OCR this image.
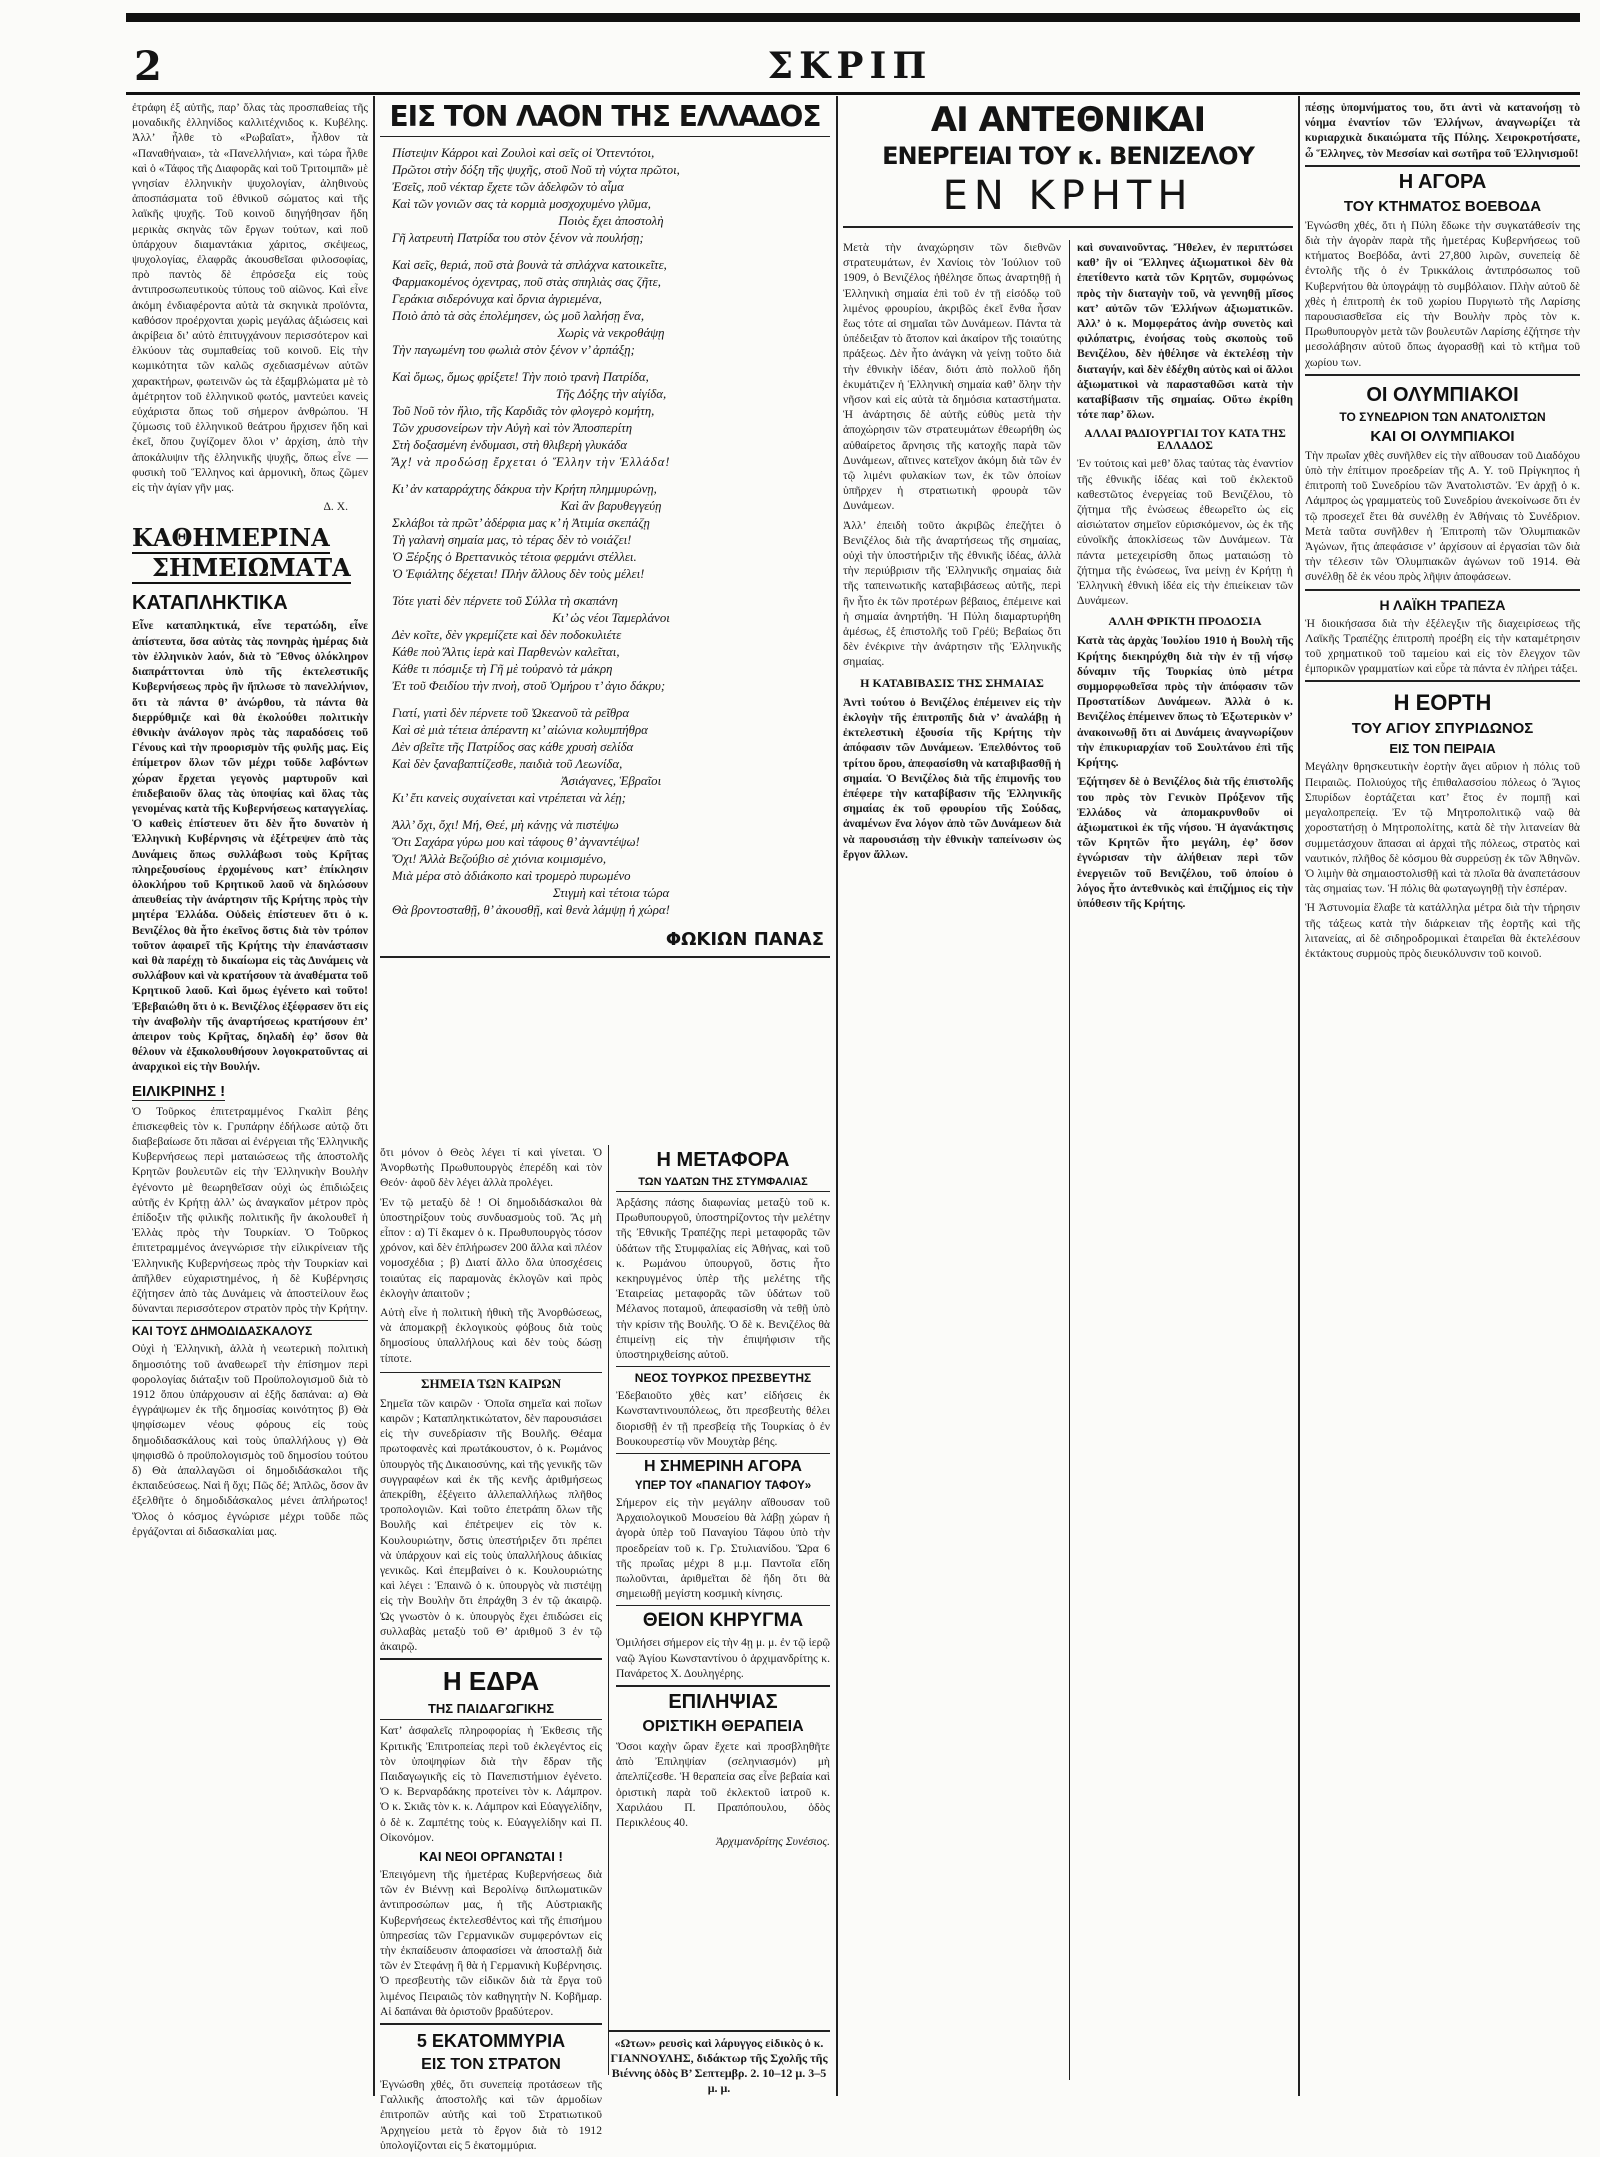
2	ΣΚΡΙΠ

ἐτράφη ἐξ αὐτῆς, παρ’ ὅλας τὰς προσπαθείας τῆς μοναδικῆς ἑλληνίδος καλλιτέχνιδος κ. Κυβέλης. Ἀλλ’ ἦλθε τὸ «Ρωβαΐατ», ἦλθον τὰ «Παναθήναια», τὰ «Πανελλήνια», καὶ τώρα ἦλθε καὶ ὁ «Τάφος τῆς Διαφορᾶς καὶ τοῦ Τριτοιμπᾶ» μὲ γνησίαν ἑλληνικὴν ψυχολογίαν, ἀληθινοὺς ἀποσπάσματα τοῦ ἐθνικοῦ σώματος καὶ τῆς λαϊκῆς ψυχῆς. Τοῦ κοινοῦ διηγήθησαν ἤδη μερικὰς σκηνὰς τῶν ἔργων τούτων, καὶ ποῦ ὑπάρχουν διαμαντάκια χάριτος, σκέψεως, ψυχολογίας, ἐλαφρᾶς ἀκουσθεῖσαι φιλοσοφίας, πρὸ παντὸς δὲ ἐπρόσεξα εἰς τοὺς ἀντιπροσωπευτικοὺς τύπους τοῦ αἰῶνος. Καὶ εἶνε ἀκόμη ἐνδιαφέροντα αὐτὰ τὰ σκηνικὰ προϊόντα, καθόσον προέρχονται χωρὶς μεγάλας ἀξιώσεις καὶ ἀκρίβεια δι’ αὐτὸ ἐπιτυγχάνουν περισσότερον καὶ ἑλκύουν τὰς συμπαθείας τοῦ κοινοῦ. Εἰς τὴν κωμικότητα τῶν καλῶς σχεδιασμένων αὐτῶν χαρακτήρων, φωτεινῶν ὡς τὰ ἐξαμβλώματα μὲ τὸ ἀμέτρητον τοῦ ἑλληνικοῦ φωτός, μαντεύει κανεὶς εὐχάριστα ὅπως τοῦ σήμερον ἀνθρώπου. Ἡ ζύμωσις τοῦ ἑλληνικοῦ θεάτρου ἤρχισεν ἤδη καὶ ἐκεῖ, ὅπου ζυγίζομεν ὅλοι ν’ ἀρχίση, ἀπὸ τὴν ἀποκάλυψιν τῆς ἑλληνικῆς ψυχῆς, ὅπως εἶνε — φυσικὴ τοῦ Ἕλληνος καὶ ἀρμονικὴ, ὅπως ζῶμεν εἰς τὴν ἁγίαν γῆν μας.

Δ. Χ.

ΚΑΘΗΜΕΡΙΝΑ ΣΗΜΕΙΩΜΑΤΑ
ΚΑΤΑΠΛΗΚΤΙΚΑ

Εἶνε καταπληκτικά, εἶνε τερατώδη, εἶνε ἀπίστευτα, ὅσα αὐτὰς τὰς πονηρὰς ἡμέρας διὰ τὸν ἑλληνικὸν λαόν, διὰ τὸ Ἔθνος ὁλόκληρον διαπράττονται ὑπὸ τῆς ἐκτελεστικῆς Κυβερνήσεως πρὸς ἢν ἥπλωσε τὸ πανελλήνιον, ὅτι τὰ πάντα θ’ ἀνώρθου, τὰ πάντα θὰ διερρύθμιζε καὶ θὰ ἐκολούθει πολιτικὴν ἐθνικὴν ἀνάλογον πρὸς τὰς παραδόσεις τοῦ Γένους καὶ τὴν προορισμὸν τῆς φυλῆς μας. Εἰς ἐπίμετρον ὅλων τῶν μέχρι τοῦδε λαβόντων χώραν ἔρχεται γεγονὸς μαρτυροῦν καὶ ἐπιδεβαιοῦν ὅλας τὰς ὑποψίας καὶ ὅλας τὰς γενομένας κατὰ τῆς Κυβερνήσεως καταγγελίας. Ὁ καθεὶς ἐπίστευεν ὅτι δὲν ἦτο δυνατὸν ἡ Ἑλληνικὴ Κυβέρνησις νὰ ἐξέτρεψεν ἀπὸ τὰς Δυνάμεις ὅπως συλλάβωσι τοὺς Κρῆτας πληρεξουσίους ἐρχομένους κατ’ ἐπίκλησιν ὁλοκλήρου τοῦ Κρητικοῦ λαοῦ νὰ δηλώσουν ἀπευθείας τὴν ἀνάρτησιν τῆς Κρήτης πρὸς τὴν μητέρα Ἑλλάδα. Οὐδεὶς ἐπίστευεν ὅτι ὁ κ. Βενιζέλος θὰ ἦτο ἐκεῖνος ὅστις διὰ τὸν τρόπον τοῦτον ἀφαιρεῖ τῆς Κρήτης τὴν ἐπανάστασιν καὶ θὰ παρέχῃ τὸ δικαίωμα εἰς τὰς Δυνάμεις νὰ συλλάβουν καὶ νὰ κρατήσουν τὰ ἀναθέματα τοῦ Κρητικοῦ λαοῦ. Καὶ ὅμως ἐγένετο καὶ τοῦτο! Ἐβεβαιώθη ὅτι ὁ κ. Βενιζέλος ἐξέφρασεν ὅτι εἰς τὴν ἀναβολὴν τῆς ἀναρτήσεως κρατήσουν ἐπ’ ἀπειρον τοὺς Κρῆτας, δηλαδὴ ἐφ’ ὅσον θὰ θέλουν νὰ ἐξακολουθήσουν λογοκρατοῦντας αἱ ἀναρχικοὶ εἰς τὴν Βουλήν.

ΕΙΛΙΚΡΙΝΗΣ !

Ὁ Τοῦρκος ἐπιτετραμμένος Γκαλὶπ βέης ἐπισκεφθεὶς τὸν κ. Γρυπάρην ἐδήλωσε αὐτῷ ὅτι διαβεβαίωσε ὅτι πᾶσαι αἱ ἐνέργειαι τῆς Ἑλληνικῆς Κυβερνήσεως περὶ ματαιώσεως τῆς ἀποστολῆς Κρητῶν βουλευτῶν εἰς τὴν Ἑλληνικὴν Βουλὴν ἐγένοντο μὲ θεωρηθεῖσαν οὐχὶ ὡς ἐπιδιώξεις αὐτῆς ἐν Κρήτῃ ἀλλ’ ὡς ἀναγκαῖον μέτρον πρὸς ἐπίδοξιν τῆς φιλικῆς πολιτικῆς ἢν ἀκολουθεῖ ἡ Ἑλλὰς πρὸς τὴν Τουρκίαν. Ὁ Τοῦρκος ἐπιτετραμμένος ἀνεγνώρισε τὴν εἰλικρίνειαν τῆς Ἑλληνικῆς Κυβερνήσεως πρὸς τὴν Τουρκίαν καὶ ἀπῆλθεν εὐχαριστημένος, ἡ δὲ Κυβέρνησις ἐζήτησεν ἀπὸ τὰς Δυνάμεις νὰ ἀποστείλουν ἕως δύνανται περισσότερον στρατὸν πρὸς τὴν Κρήτην.

ΚΑΙ ΤΟΥΣ ΔΗΜΟΔΙΔΑΣΚΑΛΟΥΣ

Οὐχὶ ἡ Ἑλληνικὴ, ἀλλὰ ἡ νεωτερικὴ πολιτικὴ δημοσιότης τοῦ ἀναθεωρεῖ τὴν ἐπίσημον περὶ φορολογίας διάταξιν τοῦ Προϋπολογισμοῦ διὰ τὸ 1912 ὅπου ὑπάρχουσιν αἱ ἑξῆς δαπάναι: α) Θὰ ἐγγράψωμεν ἐκ τῆς δημοσίας κοινότητος β) Θὰ ψηφίσωμεν νέους φόρους εἰς τοὺς δημοδιδασκάλους καὶ τοὺς ὑπαλλήλους γ) Θὰ ψηφισθῶ ὁ προϋπολογισμὸς τοῦ δημοσίου τούτου δ) Θὰ ἀπαλλαγῶσι οἱ δημοδιδάσκαλοι τῆς ἐκπαιδεύσεως. Ναὶ ἢ ὄχι; Πῶς δέ; Ἀπλῶς, ὅσον ἂν ἐξελθῆτε ὁ δημοδιδάσκαλος μένει ἀπλήρωτος! Ὅλος ὁ κόσμος ἐγνώρισε μέχρι τοῦδε πῶς ἐργάζονται αἱ διδασκαλίαι μας.

ΕΙΣ ΤΟΝ ΛΑΟΝ ΤΗΣ ΕΛΛΑΔΟΣ
Πίστεψιν Κάρροι καὶ Ζουλοὶ καὶ σεῖς οἱ Ὀττεντότοι,
Πρῶτοι στὴν δόξη τῆς ψυχῆς, στοῦ Νοῦ τὴ νύχτα πρῶτοι,
Ἐσεῖς, ποῦ νέκταρ ἔχετε τῶν ἀδελφῶν τὸ αἷμα
Καὶ τῶν γονιῶν σας τὰ κορμιὰ μοσχοχυμένο γλῦμα,
Ποιὸς ἔχει ἀποστολὴ
Γῆ λατρευτὴ Πατρίδα του στὸν ξένον νὰ πουλήσῃ;
Καὶ σεῖς, θεριά, ποῦ στὰ βουνὰ τὰ σπλάχνα κατοικεῖτε,
Φαρμακομένος ὀχεντρας, ποῦ στὰς σπηλιὰς σας ζῆτε,
Γεράκια σιδερόνυχα καὶ ὄρνια ἀγριεμένα,
Ποιὸ ἀπὸ τὰ σὰς ἐπολέμησεν, ὡς μοῦ λαλήσῃ ἕνα,
Χωρὶς νὰ νεκροθάψῃ
Τὴν παγωμένη του φωλιὰ στὸν ξένον ν’ ἀρπάξῃ;
Καὶ ὅμως, ὅμως φρίξετε! Τὴν ποιὸ τρανὴ Πατρίδα,
Τῆς Δόξης τὴν αἰγίδα,
Τοῦ Νοῦ τὸν ἥλιο, τῆς Καρδιᾶς τὸν φλογερὸ κομήτη,
Τῶν χρυσονείρων τὴν Αὐγὴ καὶ τὸν Ἀποσπερίτη
Στὴ δοξασμένη ἐνδυμασι, στὴ θλιβερὴ γλυκάδα
Ἄχ! νὰ προδώσῃ ἔρχεται ὁ Ἕλλην τὴν Ἑλλάδα!
Κι’ ἀν καταρράχτης δάκρυα τὴν Κρήτη πλημμυρώνῃ,
Καὶ ἂν βαρυθεγγεύῃ
Σκλάβοι τὰ πρῶτ’ ἀδέρφια μας κ’ ἡ Ἀτιμία σκεπάζῃ
Τὴ γαλανὴ σημαία μας, τὸ τέρας δὲν τὸ νοιάζει!
Ὁ Ξέρξης ὁ Βρεττανικὸς τέτοια φερμάνι στέλλει.
Ὁ Ἐφιάλτης δέχεται! Πλὴν ἄλλους δὲν τοὺς μέλει!
Τότε γιατὶ δὲν πέρνετε τοῦ Σύλλα τὴ σκαπάνη
Κι’ ὡς νέοι Ταμερλάνοι
Δὲν κοῖτε, δὲν γκρεμίζετε καὶ δὲν ποδοκυλιέτε
Κάθε ποὺ Ἄλτις ἱερὰ καὶ Παρθενὼν καλεῖται,
Κάθε τι πόσμιξε τὴ Γῆ μὲ τοὐρανὸ τὰ μάκρη
Ἐτ τοῦ Φειδίου τὴν πνοὴ, στοῦ Ὁμήρου τ’ ἀγιο δάκρυ;
Γιατί, γιατὶ δὲν πέρνετε τοῦ Ὠκεανοῦ τὰ ρεῖθρα
Καὶ σὲ μιὰ τέτεια ἀπέραντη κι’ αἰώνια κολυμπήθρα
Δὲν σβεῖτε τῆς Πατρίδος σας κάθε χρυσὴ σελίδα
Καὶ δὲν ξαναβαπτίζεσθε, παιδιὰ τοῦ Λεωνίδα,
Ἀσιάγανες, Ἑβραῖοι
Κι’ ἔτι κανεὶς συχαίνεται καὶ ντρέπεται νὰ λέῃ;
Ἀλλ’ ὄχι, ὄχι! Μή, Θεέ, μὴ κάνῃς νὰ πιστέψω
Ὅτι Σαχάρα γύρω μου καὶ τάφους θ’ ἀγναντέψω!
Ὄχι! Ἀλλὰ Βεζούβιο σὲ χιόνια κοιμισμένο,
Μιὰ μέρα στὸ ἀδιάκοπο καὶ τρομερὸ πυρωμένο
Στιγμὴ καὶ τέτοια τώρα
Θὰ βροντοσταθῇ, θ’ ἀκουσθῇ, καὶ θενὰ λάμψῃ ἡ χώρα!
ΦΩΚΙΩΝ ΠΑΝΑΣ

ὅτι μόνον ὁ Θεὸς λέγει τί καὶ γίνεται. Ὁ Ἀνορθωτὴς Πρωθυπουργὸς ἐπερέδη καὶ τὸν Θεόν· ἀφοῦ δὲν λέγει ἀλλὰ προλέγει.

Ἐν τῷ μεταξὺ δὲ ! Οἱ δημοδιδάσκαλοι θὰ ὑποστηρίξουν τοὺς συνδυασμοὺς τοῦ. Ἂς μὴ εἶπον : α) Τί ἔκαμεν ὁ κ. Πρωθυπουργὸς τόσον χρόνον, καὶ δὲν ἐπλήρωσεν 200 ἄλλα καὶ πλέον νομοσχέδια ; β) Διατί ἄλλο ὅλα ὑποσχέσεις τοιαύτας εἰς παραμονὰς ἐκλογῶν καὶ πρὸς ἐκλογὴν ἀπαιτοῦν ;

Αὐτὴ εἶνε ἡ πολιτικὴ ἠθικὴ τῆς Ἀνορθώσεως, νὰ ἀπομακρῇ ἐκλογικοὺς φόβους διὰ τοὺς δημοσίους ὑπαλλήλους καὶ δὲν τοὺς δώσῃ τίποτε.

ΣΗΜΕΙΑ ΤΩΝ ΚΑΙΡΩΝ

Σημεῖα τῶν καιρῶν · Ὁποῖα σημεῖα καὶ ποῖων καιρῶν ; Καταπληκτικώτατον, δὲν παρουσιάσει εἰς τὴν συνεδρίασιν τῆς Βουλῆς. Θέαμα πρωτοφανὲς καὶ πρωτάκουστον, ὁ κ. Ρωμάνος ὑπουργὸς τῆς Δικαιοσύνης, καὶ τῆς γενικῆς τῶν συγγραφέων καὶ ἐκ τῆς κενῆς ἀριθμήσεως ἀπεκρίθη, ἐξέγειτο ἀλλεπαλλήλως πλῆθος τροπολογιῶν. Καὶ τοῦτο ἐπετράπη ὅλων τῆς Βουλῆς καὶ ἐπέτρεψεν εἰς τὸν κ. Κουλουριώτην, ὅστις ὑπεστήριξεν ὅτι πρέπει νὰ ὑπάρχουν καὶ εἰς τοὺς ὑπαλλήλους ἀδικίας γενικῶς. Καὶ ἐπεμβαίνει ὁ κ. Κουλουριώτης καὶ λέγει : Ἐπαινῶ ὁ κ. ὑπουργὸς νὰ πιστέψῃ εἰς τὴν Βουλὴν ὅτι ἐπράχθη 3 ἐν τῷ ἀκαιρῷ. Ὡς γνωστὸν ὁ κ. ὑπουργὸς ἔχει ἐπιδώσει εἰς συλλαβὰς μεταξὺ τοῦ Θ’ ἀριθμοῦ 3 ἐν τῷ ἀκαιρῷ.

Η ΕΔΡΑ
ΤΗΣ ΠΑΙΔΑΓΩΓΙΚΗΣ

Κατ’ ἀσφαλεῖς πληροφορίας ἡ Ἐκθεσις τῆς Κριτικῆς Ἐπιτροπείας περὶ τοῦ ἐκλεγέντος εἰς τὸν ὑποψηφίων διὰ τὴν ἕδραν τῆς Παιδαγωγικῆς εἰς τὸ Πανεπιστήμιον ἐγένετο. Ὁ κ. Βερναρδάκης προτείνει τὸν κ. Λάμπρον. Ὁ κ. Σκιᾶς τὸν κ. κ. Λάμπρον καὶ Εὐαγγελίδην, ὁ δὲ κ. Ζαμπέτης τοὺς κ. Εὐαγγελίδην καὶ Π. Οἰκονόμον.

ΚΑΙ ΝΕΟΙ ΟΡΓΑΝΩΤΑΙ !

Ἐπειγόμενη τῆς ἡμετέρας Κυβερνήσεως διὰ τῶν ἐν Βιέννῃ καὶ Βερολίνῳ διπλωματικῶν ἀντιπροσώπων μας, ἡ τῆς Αὐστριακῆς Κυβερνήσεως ἐκτελεσθέντος καὶ τῆς ἐπισήμου ὑπηρεσίας τῶν Γερμανικῶν συμφερόντων εἰς τὴν ἐκπαίδευσιν ἀποφασίσει νὰ ἀποσταλῇ διὰ τῶν ἐν Στεφάνῃ ἢ θὰ ἡ Γερμανικὴ Κυβέρνησις. Ὁ πρεσβευτὴς τῶν εἰδικῶν διὰ τὰ ἔργα τοῦ λιμένος Πειραιῶς τὸν καθηγητὴν Ν. Κοβῆμαρ. Αἱ δαπάναι θὰ ὁριστοῦν βραδύτερον.

5 ΕΚΑΤΟΜΜΥΡΙΑ
ΕΙΣ ΤΟΝ ΣΤΡΑΤΟΝ

Ἐγνώσθη χθές, ὅτι συνεπείᾳ προτάσεων τῆς Γαλλικῆς ἀποστολῆς καὶ τῶν ἀρμοδίων ἐπιτροπῶν αὐτῆς καὶ τοῦ Στρατιωτικοῦ Ἀρχηγείου μετὰ τὸ ἔργον διὰ τὸ 1912 ὑπολογίζονται εἰς 5 ἑκατομμύρια.

Η ΜΕΤΑΦΟΡΑ
ΤΩΝ ΥΔΑΤΩΝ ΤΗΣ ΣΤΥΜΦΑΛΙΑΣ

Ἀρξάσης πάσης διαφωνίας μεταξὺ τοῦ κ. Πρωθυπουργοῦ, ὑποστηρίζοντος τὴν μελέτην τῆς Ἐθνικῆς Τραπέζης περὶ μεταφορᾶς τῶν ὑδάτων τῆς Στυμφαλίας εἰς Ἀθήνας, καὶ τοῦ κ. Ρωμάνου ὑπουργοῦ, ὅστις ἦτο κεκηρυγμένος ὑπὲρ τῆς μελέτης τῆς Ἑταιρείας μεταφορᾶς τῶν ὑδάτων τοῦ Μέλανος ποταμοῦ, ἀπεφασίσθη νὰ τεθῇ ὑπὸ τὴν κρίσιν τῆς Βουλῆς. Ὁ δὲ κ. Βενιζέλος θὰ ἐπιμείνῃ εἰς τὴν ἐπιψήφισιν τῆς ὑποστηριχθείσης αὐτοῦ.

ΝΕΟΣ ΤΟΥΡΚΟΣ ΠΡΕΣΒΕΥΤΗΣ

Ἐδεβαιοῦτο χθὲς κατ’ εἰδήσεις ἐκ Κωνσταντινουπόλεως, ὅτι πρεσβευτὴς θέλει διορισθῇ ἐν τῇ πρεσβείᾳ τῆς Τουρκίας ὁ ἐν Βουκουρεστίῳ νῦν Μουχτὰρ βέης.

Η ΣΗΜΕΡΙΝΗ ΑΓΟΡΑ
ΥΠΕΡ ΤΟΥ «ΠΑΝΑΓΙΟΥ ΤΑΦΟΥ»

Σήμερον εἰς τὴν μεγάλην αἴθουσαν τοῦ Ἀρχαιολογικοῦ Μουσείου θὰ λάβῃ χώραν ἡ ἀγορὰ ὑπὲρ τοῦ Παναγίου Τάφου ὑπὸ τὴν προεδρείαν τοῦ κ. Γρ. Στυλιανίδου. Ὥρα 6 τῆς πρωΐας μέχρι 8 μ.μ. Παντοῖα εἴδη πωλοῦνται, ἀριθμεῖται δὲ ἤδη ὅτι θὰ σημειωθῇ μεγίστη κοσμικὴ κίνησις.

ΘΕΙΟΝ ΚΗΡΥΓΜΑ

Ὁμιλήσει σήμερον εἰς τὴν 4ῃ μ. μ. ἐν τῷ ἱερῷ ναῷ Ἁγίου Κωνσταντίνου ὁ ἀρχιμανδρίτης κ. Πανάρετος Χ. Δουληγέρης.

ΕΠΙΛΗΨΙΑΣ
ΟΡΙΣΤΙΚΗ ΘΕΡΑΠΕΙΑ

Ὅσοι καχὴν ὥραν ἔχετε καὶ προσβληθῆτε ἀπὸ Ἐπιληψίαν (σεληνιασμόν) μὴ ἀπελπίζεσθε. Ἡ θεραπεία σας εἶνε βεβαία καὶ ὁριστικὴ παρὰ τοῦ ἐκλεκτοῦ ἰατροῦ κ. Χαριλάου Π. Πραπόπουλου, ὁδὸς Περικλέους 40.

Ἀρχιμανδρίτης Συνέσιος.

«Ωτων» ρευσὶς καὶ λάρυγγος εἰδικὸς ὁ κ. ΓΙΑΝΝΟΥΛΗΣ, διδάκτωρ τῆς Σχολῆς τῆς Βιέννης ὁδὸς Β’ Σεπτεμβρ. 2. 10–12 μ. 3–5 μ. μ.

ΑΙ ΑΝΤΕΘΝΙΚΑΙ
ΕΝΕΡΓΕΙΑΙ ΤΟΥ κ. ΒΕΝΙΖΕΛΟΥ
ΕΝ ΚΡΗΤΗ

Μετὰ τὴν ἀναχώρησιν τῶν διεθνῶν στρατευμάτων, ἐν Χανίοις τὸν Ἰούλιον τοῦ 1909, ὁ Βενιζέλος ἠθέλησε ὅπως ἀναρτηθῇ ἡ Ἑλληνικὴ σημαία ἐπὶ τοῦ ἐν τῇ εἰσόδῳ τοῦ λιμένος φρουρίου, ἀκριβῶς ἐκεῖ ἔνθα ἦσαν ἕως τότε αἱ σημαῖαι τῶν Δυνάμεων. Πάντα τὰ ὑπέδειξαν τὸ ἄτοπον καὶ ἀκαίρον τῆς τοιαύτης πράξεως. Δὲν ἦτο ἀνάγκη νὰ γείνῃ τοῦτο διὰ τὴν ἐθνικὴν ἰδέαν, διότι ἀπὸ πολλοῦ ἤδη ἐκυμάτιζεν ἡ Ἑλληνικὴ σημαία καθ’ ὅλην τὴν νῆσον καὶ εἰς αὐτὰ τὰ δημόσια καταστήματα. Ἡ ἀνάρτησις δὲ αὐτῆς εὐθὺς μετὰ τὴν ἀποχώρησιν τῶν στρατευμάτων ἐθεωρήθη ὡς αὐθαίρετος ἄρνησις τῆς κατοχῆς παρὰ τῶν Δυνάμεων, αἵτινες κατεῖχον ἀκόμη διὰ τῶν ἐν τῷ λιμένι φυλακίων των, ἐκ τῶν ὁποίων ὑπῆρχεν ἡ στρατιωτικὴ φρουρὰ τῶν Δυνάμεων.

Ἀλλ’ ἐπειδὴ τοῦτο ἀκριβῶς ἐπεζήτει ὁ Βενιζέλος διὰ τῆς ἀναρτήσεως τῆς σημαίας, οὐχὶ τὴν ὑποστήριξιν τῆς ἐθνικῆς ἰδέας, ἀλλὰ τὴν περιύβρισιν τῆς Ἑλληνικῆς σημαίας διὰ τῆς ταπεινωτικῆς καταβιβάσεως αὐτῆς, περὶ ἣν ἦτο ἐκ τῶν προτέρων βέβαιος, ἐπέμεινε καὶ ἡ σημαία ἀνηρτήθη. Ἡ Πύλη διαμαρτυρήθη ἀμέσως, ἐξ ἐπιστολῆς τοῦ Γρέϋ; Βεβαίως ὅτι δὲν ἐνέκρινε τὴν ἀνάρτησιν τῆς Ἑλληνικῆς σημαίας.

Η ΚΑΤΑΒΙΒΑΣΙΣ ΤΗΣ ΣΗΜΑΙΑΣ

Ἀντὶ τούτου ὁ Βενιζέλος ἐπέμεινεν εἰς τὴν ἐκλογὴν τῆς ἐπιτροπῆς διὰ ν’ ἀναλάβῃ ἡ ἐκτελεστικὴ ἐξουσία τῆς Κρήτης τὴν ἀπόφασιν τῶν Δυνάμεων. Ἐπελθόντος τοῦ τρίτου ὅρου, ἀπεφασίσθη νὰ καταβιβασθῇ ἡ σημαία. Ὁ Βενιζέλος διὰ τῆς ἐπιμονῆς του ἐπέφερε τὴν καταβίβασιν τῆς Ἑλληνικῆς σημαίας ἐκ τοῦ φρουρίου τῆς Σούδας, ἀναμένων ἕνα λόγον ἀπὸ τῶν Δυνάμεων διὰ νὰ παρουσιάσῃ τὴν ἐθνικὴν ταπείνωσιν ὡς ἔργον ἄλλων.

καὶ συναινοῦντας. Ἤθελεν, ἐν περιπτώσει καθ’ ἣν οἱ Ἕλληνες ἀξιωματικοὶ δὲν θὰ ἐπετίθεντο κατὰ τῶν Κρητῶν, συμφώνως πρὸς τὴν διαταγὴν τοῦ, νὰ γεννηθῇ μῖσος κατ’ αὐτῶν τῶν Ἑλλήνων ἀξιωματικῶν. Ἀλλ’ ὁ κ. Μομφεράτος ἀνὴρ συνετὸς καὶ φιλόπατρις, ἐνοήσας τοὺς σκοποὺς τοῦ Βενιζέλου, δὲν ἠθέλησε νὰ ἐκτελέσῃ τὴν διαταγήν, καὶ δὲν ἐδέχθη αὐτὸς καὶ οἱ ἄλλοι ἀξιωματικοὶ νὰ παρασταθῶσι κατὰ τὴν καταβίβασιν τῆς σημαίας. Οὕτω ἐκρίθη τότε παρ’ ὅλων.

ΑΛΛΑΙ ΡΑΔΙΟΥΡΓΙΑΙ ΤΟΥ ΚΑΤΑ ΤΗΣ ΕΛΛΑΔΟΣ

Ἐν τούτοις καὶ μεθ’ ὅλας ταύτας τὰς ἐναντίον τῆς ἐθνικῆς ἰδέας καὶ τοῦ ἐκλεκτοῦ καθεστῶτος ἐνεργείας τοῦ Βενιζέλου, τὸ ζήτημα τῆς ἑνώσεως ἐθεωρεῖτο ὡς εἰς αἰσιώτατον σημεῖον εὑρισκόμενον, ὡς ἐκ τῆς εὐνοϊκῆς ἀποκλίσεως τῶν Δυνάμεων. Τὰ πάντα μετεχειρίσθη ὅπως ματαιώσῃ τὸ ζήτημα τῆς ἑνώσεως, ἵνα μείνῃ ἐν Κρήτῃ ἡ Ἑλληνικὴ ἐθνικὴ ἰδέα εἰς τὴν ἐπιείκειαν τῶν Δυνάμεων.

ΑΛΛΗ ΦΡΙΚΤΗ ΠΡΟΔΟΣΙΑ

Κατὰ τὰς ἀρχὰς Ἰουλίου 1910 ἡ Βουλὴ τῆς Κρήτης διεκηρύχθη διὰ τὴν ἐν τῇ νήσῳ δύναμιν τῆς Τουρκίας ὑπὸ μέτρα συμμορφωθεῖσα πρὸς τὴν ἀπόφασιν τῶν Προστατίδων Δυνάμεων. Ἀλλὰ ὁ κ. Βενιζέλος ἐπέμεινεν ὅπως τὸ Ἐξωτερικὸν ν’ ἀνακοινωθῇ ὅτι αἱ Δυνάμεις ἀναγνωρίζουν τὴν ἐπικυριαρχίαν τοῦ Σουλτάνου ἐπὶ τῆς Κρήτης.

Ἐζήτησεν δὲ ὁ Βενιζέλος διὰ τῆς ἐπιστολῆς του πρὸς τὸν Γενικὸν Πρόξενον τῆς Ἑλλάδος νὰ ἀπομακρυνθοῦν οἱ ἀξιωματικοὶ ἐκ τῆς νήσου. Ἡ ἀγανάκτησις τῶν Κρητῶν ἦτο μεγάλη, ἐφ’ ὅσον ἐγνώρισαν τὴν ἀλήθειαν περὶ τῶν ἐνεργειῶν τοῦ Βενιζέλου, τοῦ ὁποίου ὁ λόγος ἦτο ἀντεθνικὸς καὶ ἐπιζήμιος εἰς τὴν ὑπόθεσιν τῆς Κρήτης.

πέσῃς ὑπομνήματος του, ὅτι ἀντὶ νὰ κατανοήσῃ τὸ νόημα ἐναντίον τῶν Ἑλλήνων, ἀναγνωρίζει τὰ κυριαρχικὰ δικαιώματα τῆς Πύλης. Χειροκροτήσατε, ὦ Ἕλληνες, τὸν Μεσσίαν καὶ σωτῆρα τοῦ Ἑλληνισμοῦ!

Η ΑΓΟΡΑ
ΤΟΥ ΚΤΗΜΑΤΟΣ ΒΟΕΒΟΔΑ

Ἐγνώσθη χθές, ὅτι ἡ Πύλη ἔδωκε τὴν συγκατάθεσίν της διὰ τὴν ἀγορὰν παρὰ τῆς ἡμετέρας Κυβερνήσεως τοῦ κτήματος Βοεβόδα, ἀντὶ 27,800 λιρῶν, συνεπείᾳ δὲ ἐντολῆς τῆς ὁ ἐν Τρικκάλοις ἀντιπρόσωπος τοῦ Κυβερνήτου θὰ ὑπογράψῃ τὸ συμβόλαιον. Πλὴν αὐτοῦ δὲ χθὲς ἡ ἐπιτροπὴ ἐκ τοῦ χωρίου Πυργιωτὸ τῆς Λαρίσης παρουσιασθεῖσα εἰς τὴν Βουλὴν πρὸς τὸν κ. Πρωθυπουργὸν μετὰ τῶν βουλευτῶν Λαρίσης ἐζήτησε τὴν μεσολάβησιν αὐτοῦ ὅπως ἀγορασθῇ καὶ τὸ κτῆμα τοῦ χωρίου των.

ΟΙ ΟΛΥΜΠΙΑΚΟΙ
ΤΟ ΣΥΝΕΔΡΙΟΝ ΤΩΝ ΑΝΑΤΟΛΙΣΤΩΝ
ΚΑΙ ΟΙ ΟΛΥΜΠΙΑΚΟΙ

Τὴν πρωΐαν χθὲς συνῆλθεν εἰς τὴν αἴθουσαν τοῦ Διαδόχου ὑπὸ τὴν ἐπίτιμον προεδρείαν τῆς Α. Υ. τοῦ Πρίγκηπος ἡ ἐπιτροπὴ τοῦ Συνεδρίου τῶν Ἀνατολιστῶν. Ἐν ἀρχῇ ὁ κ. Λάμπρος ὡς γραμματεὺς τοῦ Συνεδρίου ἀνεκοίνωσε ὅτι ἐν τῷ προσεχεῖ ἔτει θὰ συνέλθῃ ἐν Ἀθήναις τὸ Συνέδριον. Μετὰ ταῦτα συνῆλθεν ἡ Ἐπιτροπὴ τῶν Ὀλυμπιακῶν Ἀγώνων, ἥτις ἀπεφάσισε ν’ ἀρχίσουν αἱ ἐργασίαι τῶν διὰ τὴν τέλεσιν τῶν Ὀλυμπιακῶν ἀγώνων τοῦ 1914. Θὰ συνέλθῃ δὲ ἐκ νέου πρὸς λῆψιν ἀποφάσεων.

Η ΛΑΪΚΗ ΤΡΑΠΕΖΑ

Ἡ διοικήσασα διὰ τὴν ἐξέλεγξιν τῆς διαχειρίσεως τῆς Λαϊκῆς Τραπέζης ἐπιτροπὴ προέβη εἰς τὴν καταμέτρησιν τοῦ χρηματικοῦ τοῦ ταμείου καὶ εἰς τὸν ἔλεγχον τῶν ἐμπορικῶν γραμματίων καὶ εὗρε τὰ πάντα ἐν πλήρει τάξει.

Η ΕΟΡΤΗ
ΤΟΥ ΑΓΙΟΥ ΣΠΥΡΙΔΩΝΟΣ
ΕΙΣ ΤΟΝ ΠΕΙΡΑΙΑ

Μεγάλην θρησκευτικὴν ἑορτὴν ἄγει αὔριον ἡ πόλις τοῦ Πειραιῶς. Πολιούχος τῆς ἐπιθαλασσίου πόλεως ὁ Ἅγιος Σπυρίδων ἑορτάζεται κατ’ ἔτος ἐν πομπῇ καὶ μεγαλοπρεπείᾳ. Ἐν τῷ Μητροπολιτικῷ ναῷ θὰ χοροστατήσῃ ὁ Μητροπολίτης, κατὰ δὲ τὴν λιτανείαν θὰ συμμετάσχουν ἅπασαι αἱ ἀρχαὶ τῆς πόλεως, στρατὸς καὶ ναυτικόν, πλῆθος δὲ κόσμου θὰ συρρεύσῃ ἐκ τῶν Ἀθηνῶν. Ὁ λιμὴν θὰ σημαιοστολισθῇ καὶ τὰ πλοῖα θὰ ἀναπετάσουν τὰς σημαίας των. Ἡ πόλις θὰ φωταγωγηθῇ τὴν ἑσπέραν.

Ἡ Ἀστυνομία ἔλαβε τὰ κατάλληλα μέτρα διὰ τὴν τήρησιν τῆς τάξεως κατὰ τὴν διάρκειαν τῆς ἑορτῆς καὶ τῆς λιτανείας, αἱ δὲ σιδηροδρομικαὶ ἑταιρεῖαι θὰ ἐκτελέσουν ἐκτάκτους συρμοὺς πρὸς διευκόλυνσιν τοῦ κοινοῦ.
